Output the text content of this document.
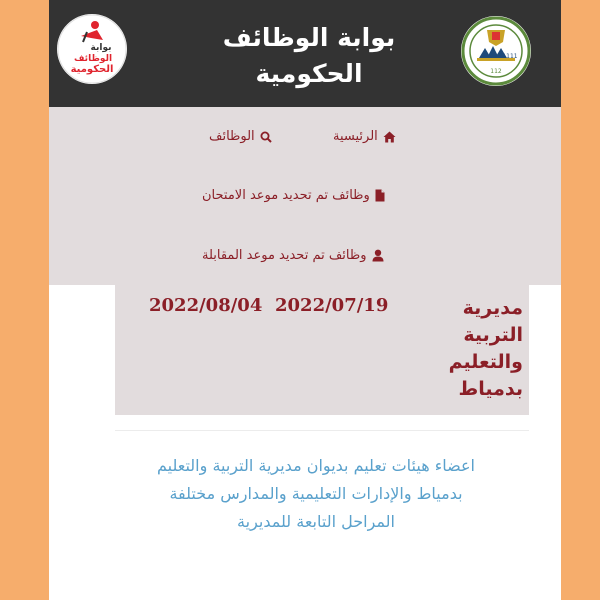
بوابة
الوظائف
الحكومية
بوابة الوظائف الحكومية
1111
112
الرئيسية
الوظائف
وظائف تم تحديد موعد الامتحان
وظائف تم تحديد موعد المقابلة
2022/08/04 2022/07/19	مديرية التربية والتعليم بدمياط
اعضاء هيئات تعليم بديوان مديرية التربية والتعليم بدمياط والإدارات التعليمية والمدارس مختلفة المراحل التابعة للمديرية
